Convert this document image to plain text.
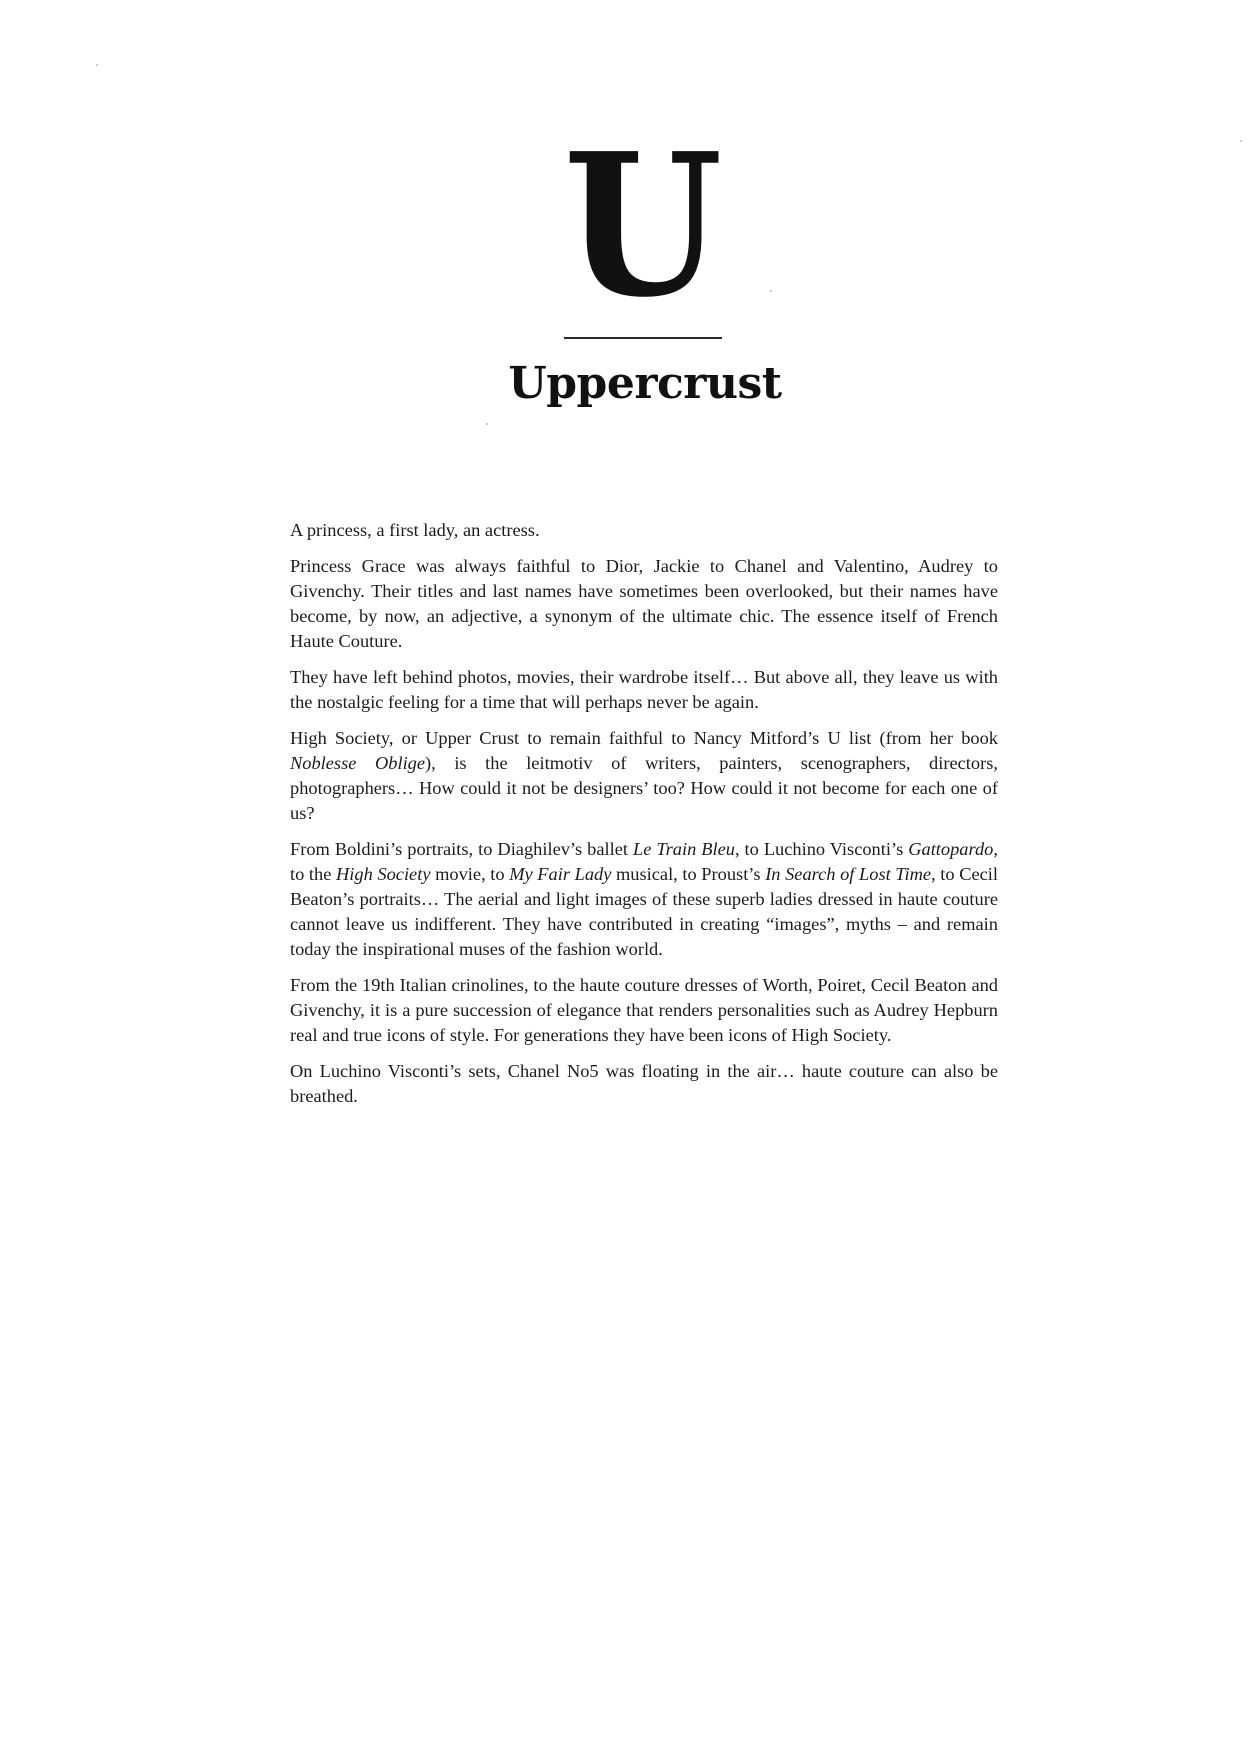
U
Uppercrust

A princess, a first lady, an actress.

Princess Grace was always faithful to Dior, Jackie to Chanel and Valentino, Audrey to Givenchy. Their titles and last names have sometimes been overlooked, but their names have become, by now, an adjective, a synonym of the ultimate chic. The essence itself of French Haute Couture.

They have left behind photos, movies, their wardrobe itself… But above all, they leave us with the nostalgic feeling for a time that will perhaps never be again.

High Society, or Upper Crust to remain faithful to Nancy Mitford’s U list (from her book Noblesse Oblige), is the leitmotiv of writers, painters, scenographers, directors, photographers… How could it not be designers’ too? How could it not become for each one of us?

From Boldini’s portraits, to Diaghilev’s ballet Le Train Bleu, to Luchino Visconti’s Gattopardo, to the High Society movie, to My Fair Lady musical, to Proust’s In Search of Lost Time, to Cecil Beaton’s portraits… The aerial and light images of these superb ladies dressed in haute couture cannot leave us indifferent. They have contributed in creating “images”, myths – and remain today the inspirational muses of the fashion world.

From the 19th Italian crinolines, to the haute couture dresses of Worth, Poiret, Cecil Beaton and Givenchy, it is a pure succession of elegance that renders personalities such as Audrey Hepburn real and true icons of style. For generations they have been icons of High Society.

On Luchino Visconti’s sets, Chanel No5 was floating in the air… haute couture can also be breathed.
